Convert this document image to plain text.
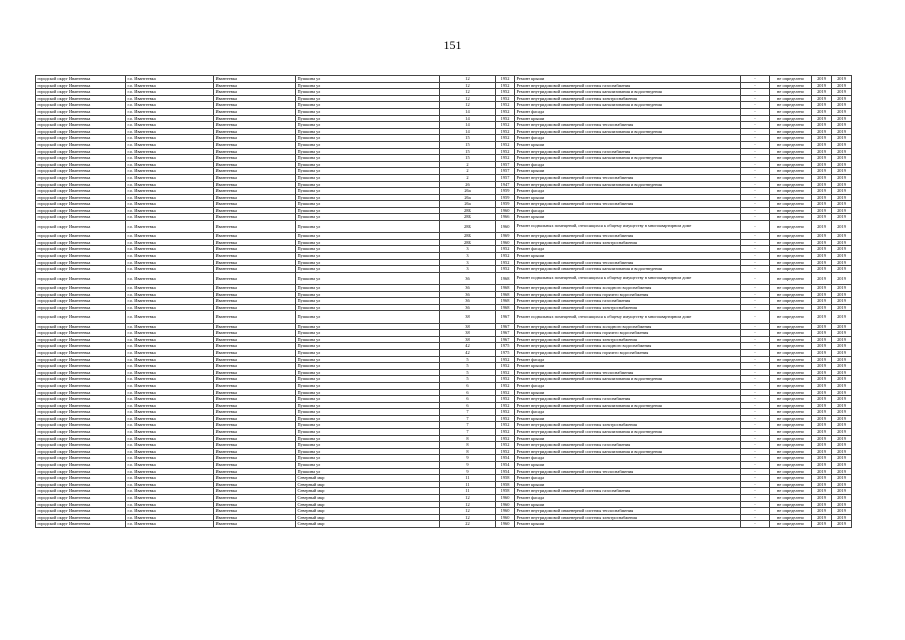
151
городской округ Ивантеевка	г.о. Ивантеевка	Ивантеевка	Пушкина ул	12	1952	Ремонт крыши	-	не определено	2019	2019
городской округ Ивантеевка	г.о. Ивантеевка	Ивантеевка	Пушкина ул	12	1952	Ремонт внутридомовой инженерной системы газоснабжения	-	не определено	2019	2019
городской округ Ивантеевка	г.о. Ивантеевка	Ивантеевка	Пушкина ул	12	1952	Ремонт внутридомовой инженерной системы канализования и водоотведения	-	не определено	2019	2019
городской округ Ивантеевка	г.о. Ивантеевка	Ивантеевка	Пушкина ул	12	1952	Ремонт внутридомовой инженерной системы электроснабжения	-	не определено	2019	2019
городской округ Ивантеевка	г.о. Ивантеевка	Ивантеевка	Пушкина ул	12	1952	Ремонт внутридомовой инженерной системы канализования и водоотведения	-	не определено	2019	2019
городской округ Ивантеевка	г.о. Ивантеевка	Ивантеевка	Пушкина ул	14	1952	Ремонт фасада	-	не определено	2019	2019
городской округ Ивантеевка	г.о. Ивантеевка	Ивантеевка	Пушкина ул	14	1952	Ремонт крыши	-	не определено	2019	2019
городской округ Ивантеевка	г.о. Ивантеевка	Ивантеевка	Пушкина ул	14	1952	Ремонт внутридомовой инженерной системы теплоснабжения	-	не определено	2019	2019
городской округ Ивантеевка	г.о. Ивантеевка	Ивантеевка	Пушкина ул	14	1952	Ремонт внутридомовой инженерной системы канализования и водоотведения	-	не определено	2019	2019
городской округ Ивантеевка	г.о. Ивантеевка	Ивантеевка	Пушкина ул	15	1952	Ремонт фасада	-	не определено	2019	2019
городской округ Ивантеевка	г.о. Ивантеевка	Ивантеевка	Пушкина ул	15	1952	Ремонт крыши	-	не определено	2019	2019
городской округ Ивантеевка	г.о. Ивантеевка	Ивантеевка	Пушкина ул	15	1952	Ремонт внутридомовой инженерной системы газоснабжения	-	не определено	2019	2019
городской округ Ивантеевка	г.о. Ивантеевка	Ивантеевка	Пушкина ул	15	1952	Ремонт внутридомовой инженерной системы канализования и водоотведения	-	не определено	2019	2019
городской округ Ивантеевка	г.о. Ивантеевка	Ивантеевка	Пушкина ул	2	1957	Ремонт фасада	-	не определено	2019	2019
городской округ Ивантеевка	г.о. Ивантеевка	Ивантеевка	Пушкина ул	2	1957	Ремонт крыши	-	не определено	2019	2019
городской округ Ивантеевка	г.о. Ивантеевка	Ивантеевка	Пушкина ул	2	1957	Ремонт внутридомовой инженерной системы теплоснабжения	-	не определено	2019	2019
городской округ Ивантеевка	г.о. Ивантеевка	Ивантеевка	Пушкина ул	26	1947	Ремонт внутридомовой инженерной системы канализования и водоотведения	-	не определено	2019	2019
городской округ Ивантеевка	г.о. Ивантеевка	Ивантеевка	Пушкина ул	26а	1959	Ремонт фасада	-	не определено	2019	2019
городской округ Ивантеевка	г.о. Ивантеевка	Ивантеевка	Пушкина ул	26а	1959	Ремонт крыши	-	не определено	2019	2019
городской округ Ивантеевка	г.о. Ивантеевка	Ивантеевка	Пушкина ул	26а	1959	Ремонт внутридомовой инженерной системы теплоснабжения	-	не определено	2019	2019
городской округ Ивантеевка	г.о. Ивантеевка	Ивантеевка	Пушкина ул	28Б	1960	Ремонт фасада	-	не определено	2019	2019
городской округ Ивантеевка	г.о. Ивантеевка	Ивантеевка	Пушкина ул	28Б	1966	Ремонт крыши	-	не определено	2019	2019
городской округ Ивантеевка	г.о. Ивантеевка	Ивантеевка	Пушкина ул	28Б	1960	Ремонт подвальных помещений, относящихся к общему имуществу в многоквартирном доме	-	не определено	2019	2019
городской округ Ивантеевка	г.о. Ивантеевка	Ивантеевка	Пушкина ул	28Б	1969	Ремонт внутридомовой инженерной системы теплоснабжения	-	не определено	2019	2019
городской округ Ивантеевка	г.о. Ивантеевка	Ивантеевка	Пушкина ул	28Б	1960	Ремонт внутридомовой инженерной системы электроснабжения	-	не определено	2019	2019
городской округ Ивантеевка	г.о. Ивантеевка	Ивантеевка	Пушкина ул	3	1952	Ремонт фасада	-	не определено	2019	2019
городской округ Ивантеевка	г.о. Ивантеевка	Ивантеевка	Пушкина ул	3	1952	Ремонт крыши	-	не определено	2019	2019
городской округ Ивантеевка	г.о. Ивантеевка	Ивантеевка	Пушкина ул	3	1952	Ремонт внутридомовой инженерной системы теплоснабжения	-	не определено	2019	2019
городской округ Ивантеевка	г.о. Ивантеевка	Ивантеевка	Пушкина ул	3	1952	Ремонт внутридомовой инженерной системы канализования и водоотведения	-	не определено	2019	2019
городской округ Ивантеевка	г.о. Ивантеевка	Ивантеевка	Пушкина ул	36	1968	Ремонт подвальных помещений, относящихся к общему имуществу в многоквартирном доме	-	не определено	2019	2019
городской округ Ивантеевка	г.о. Ивантеевка	Ивантеевка	Пушкина ул	36	1968	Ремонт внутридомовой инженерной системы холодного водоснабжения	-	не определено	2019	2019
городской округ Ивантеевка	г.о. Ивантеевка	Ивантеевка	Пушкина ул	36	1968	Ремонт внутридомовой инженерной системы горячего водоснабжения	-	не определено	2019	2019
городской округ Ивантеевка	г.о. Ивантеевка	Ивантеевка	Пушкина ул	36	1968	Ремонт внутридомовой инженерной системы газоснабжения	-	не определено	2019	2019
городской округ Ивантеевка	г.о. Ивантеевка	Ивантеевка	Пушкина ул	36	1968	Ремонт внутридомовой инженерной системы электроснабжения	-	не определено	2019	2019
городской округ Ивантеевка	г.о. Ивантеевка	Ивантеевка	Пушкина ул	38	1967	Ремонт подвальных помещений, относящихся к общему имуществу в многоквартирном доме	-	не определено	2019	2019
городской округ Ивантеевка	г.о. Ивантеевка	Ивантеевка	Пушкина ул	38	1967	Ремонт внутридомовой инженерной системы холодного водоснабжения	-	не определено	2019	2019
городской округ Ивантеевка	г.о. Ивантеевка	Ивантеевка	Пушкина ул	38	1967	Ремонт внутридомовой инженерной системы горячего водоснабжения	-	не определено	2019	2019
городской округ Ивантеевка	г.о. Ивантеевка	Ивантеевка	Пушкина ул	38	1967	Ремонт внутридомовой инженерной системы электроснабжения	-	не определено	2019	2019
городской округ Ивантеевка	г.о. Ивантеевка	Ивантеевка	Пушкина ул	42	1975	Ремонт внутридомовой инженерной системы холодного водоснабжения	-	не определено	2019	2019
городской округ Ивантеевка	г.о. Ивантеевка	Ивантеевка	Пушкина ул	42	1975	Ремонт внутридомовой инженерной системы горячего водоснабжения	-	не определено	2019	2019
городской округ Ивантеевка	г.о. Ивантеевка	Ивантеевка	Пушкина ул	5	1952	Ремонт фасада	-	не определено	2019	2019
городской округ Ивантеевка	г.о. Ивантеевка	Ивантеевка	Пушкина ул	5	1952	Ремонт крыши	-	не определено	2019	2019
городской округ Ивантеевка	г.о. Ивантеевка	Ивантеевка	Пушкина ул	5	1952	Ремонт внутридомовой инженерной системы теплоснабжения	-	не определено	2019	2019
городской округ Ивантеевка	г.о. Ивантеевка	Ивантеевка	Пушкина ул	5	1952	Ремонт внутридомовой инженерной системы канализования и водоотведения	-	не определено	2019	2019
городской округ Ивантеевка	г.о. Ивантеевка	Ивантеевка	Пушкина ул	6	1952	Ремонт фасада	-	не определено	2019	2019
городской округ Ивантеевка	г.о. Ивантеевка	Ивантеевка	Пушкина ул	6	1952	Ремонт крыши	-	не определено	2019	2019
городской округ Ивантеевка	г.о. Ивантеевка	Ивантеевка	Пушкина ул	6	1952	Ремонт внутридомовой инженерной системы газоснабжения	-	не определено	2019	2019
городской округ Ивантеевка	г.о. Ивантеевка	Ивантеевка	Пушкина ул	6	1952	Ремонт внутридомовой инженерной системы канализования и водоотведения	-	не определено	2019	2019
городской округ Ивантеевка	г.о. Ивантеевка	Ивантеевка	Пушкина ул	7	1952	Ремонт фасада	-	не определено	2019	2019
городской округ Ивантеевка	г.о. Ивантеевка	Ивантеевка	Пушкина ул	7	1952	Ремонт крыши	-	не определено	2019	2019
городской округ Ивантеевка	г.о. Ивантеевка	Ивантеевка	Пушкина ул	7	1952	Ремонт внутридомовой инженерной системы электроснабжения	-	не определено	2019	2019
городской округ Ивантеевка	г.о. Ивантеевка	Ивантеевка	Пушкина ул	7	1952	Ремонт внутридомовой инженерной системы канализования и водоотведения	-	не определено	2019	2019
городской округ Ивантеевка	г.о. Ивантеевка	Ивантеевка	Пушкина ул	8	1952	Ремонт крыши	-	не определено	2019	2019
городской округ Ивантеевка	г.о. Ивантеевка	Ивантеевка	Пушкина ул	8	1952	Ремонт внутридомовой инженерной системы газоснабжения	-	не определено	2019	2019
городской округ Ивантеевка	г.о. Ивантеевка	Ивантеевка	Пушкина ул	8	1952	Ремонт внутридомовой инженерной системы канализования и водоотведения	-	не определено	2019	2019
городской округ Ивантеевка	г.о. Ивантеевка	Ивантеевка	Пушкина ул	9	1954	Ремонт фасада	-	не определено	2019	2019
городской округ Ивантеевка	г.о. Ивантеевка	Ивантеевка	Пушкина ул	9	1954	Ремонт крыши	-	не определено	2019	2019
городской округ Ивантеевка	г.о. Ивантеевка	Ивантеевка	Пушкина ул	9	1954	Ремонт внутридомовой инженерной системы теплоснабжения	-	не определено	2019	2019
городской округ Ивантеевка	г.о. Ивантеевка	Ивантеевка	Северный мкр	11	1958	Ремонт фасада	-	не определено	2019	2019
городской округ Ивантеевка	г.о. Ивантеевка	Ивантеевка	Северный мкр	11	1958	Ремонт крыши	-	не определено	2019	2019
городской округ Ивантеевка	г.о. Ивантеевка	Ивантеевка	Северный мкр	11	1958	Ремонт внутридомовой инженерной системы газоснабжения	-	не определено	2019	2019
городской округ Ивантеевка	г.о. Ивантеевка	Ивантеевка	Северный мкр	12	1960	Ремонт фасада	-	не определено	2019	2019
городской округ Ивантеевка	г.о. Ивантеевка	Ивантеевка	Северный мкр	12	1960	Ремонт крыши	-	не определено	2019	2019
городской округ Ивантеевка	г.о. Ивантеевка	Ивантеевка	Северный мкр	12	1960	Ремонт внутридомовой инженерной системы теплоснабжения	-	не определено	2019	2019
городской округ Ивантеевка	г.о. Ивантеевка	Ивантеевка	Северный мкр	12	1960	Ремонт внутридомовой инженерной системы электроснабжения	-	не определено	2019	2019
городской округ Ивантеевка	г.о. Ивантеевка	Ивантеевка	Северный мкр	22	1960	Ремонт крыши	-	не определено	2019	2019
